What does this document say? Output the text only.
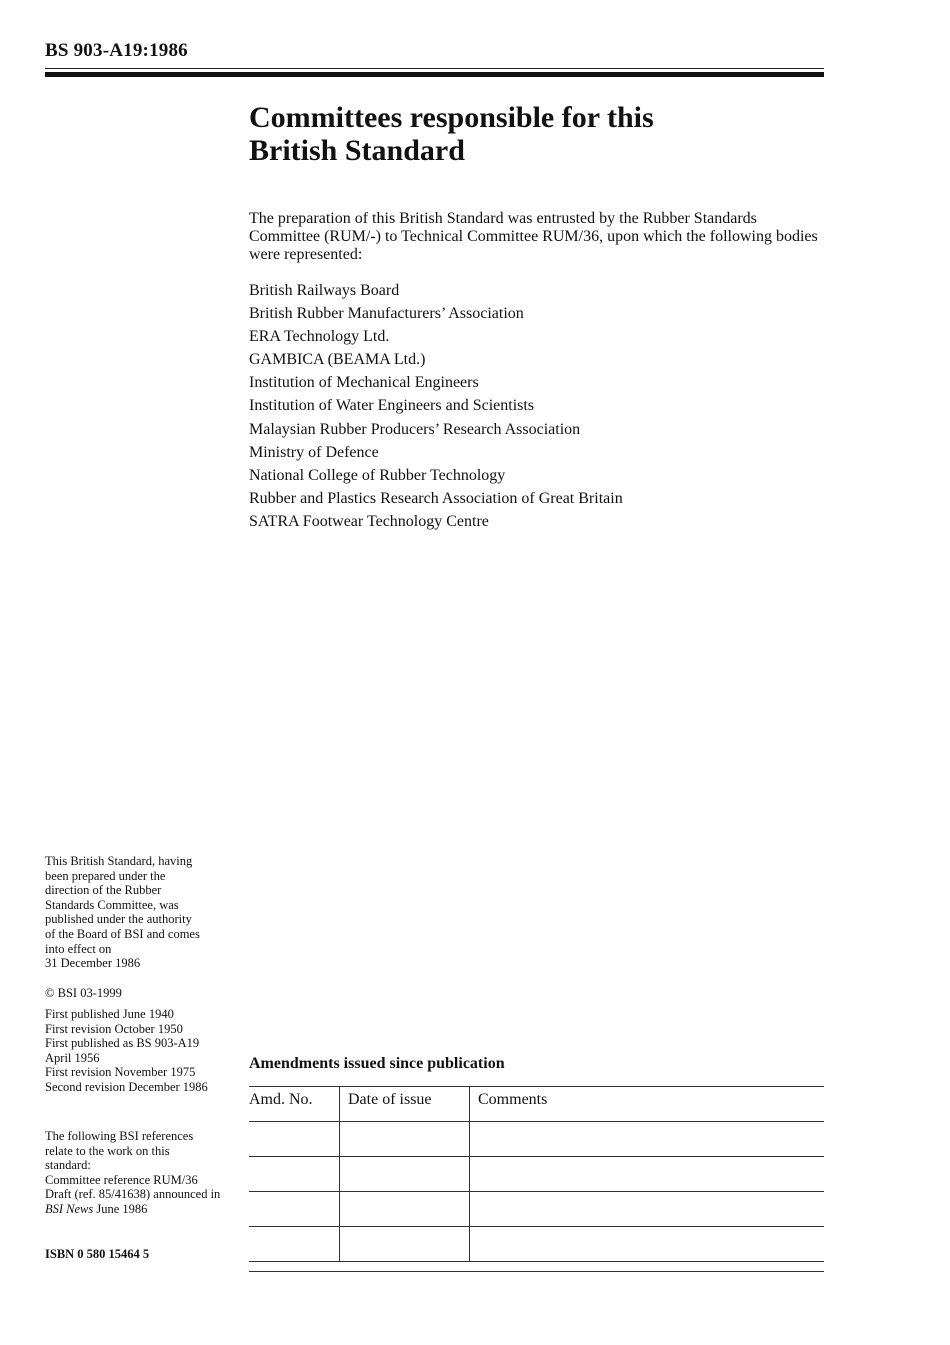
BS 903-A19:1986
Committees responsible for this
British Standard

The preparation of this British Standard was entrusted by the Rubber Standards Committee (RUM/-) to Technical Committee RUM/36, upon which the following bodies were represented:

British Railways Board
British Rubber Manufacturers’ Association
ERA Technology Ltd.
GAMBICA (BEAMA Ltd.)
Institution of Mechanical Engineers
Institution of Water Engineers and Scientists
Malaysian Rubber Producers’ Research Association
Ministry of Defence
National College of Rubber Technology
Rubber and Plastics Research Association of Great Britain
SATRA Footwear Technology Centre

This British Standard, having

been prepared under the

direction of the Rubber

Standards Committee, was

published under the authority

of the Board of BSI and comes

into effect on

31 December 1986

© BSI 03-1999

First published June 1940

First revision October 1950

First published as BS 903-A19

April 1956

First revision November 1975

Second revision December 1986

The following BSI references

relate to the work on this

standard:

Committee reference RUM/36

Draft (ref. 85/41638) announced in

BSI News June 1986

ISBN 0 580 15464 5

Amendments issued since publication
Amd. No.	Date of issue	Comments
